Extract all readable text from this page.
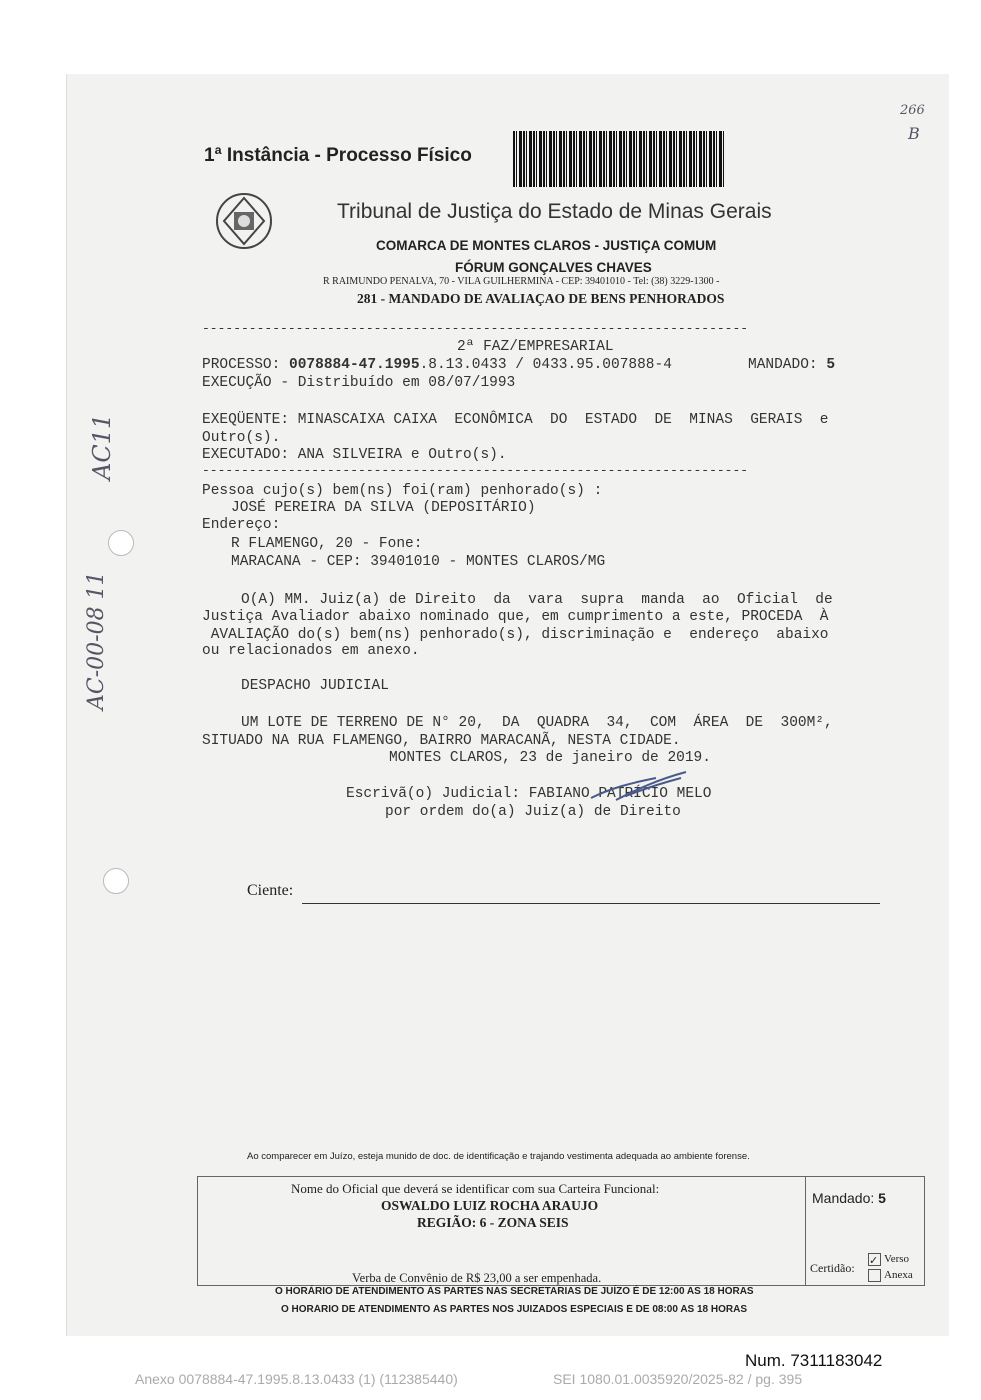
1ª Instância - Processo Físico
Tribunal de Justiça do Estado de Minas Gerais
COMARCA DE MONTES CLAROS - JUSTIÇA COMUM
FÓRUM GONÇALVES CHAVES
R RAIMUNDO PENALVA, 70 - VILA GUILHERMINA - CEP: 39401010 - Tel: (38) 3229-1300 -
281 - MANDADO DE AVALIAÇAO DE BENS PENHORADOS
----------------------------------------------------------------------
2ª FAZ/EMPRESARIAL
PROCESSO: 0078884-47.1995.8.13.0433 / 0433.95.007888-4	MANDADO: 5
EXECUÇÃO - Distribuído em 08/07/1993
EXEQÜENTE: MINASCAIXA CAIXA  ECONÔMICA  DO  ESTADO  DE  MINAS  GERAIS  e
Outro(s).
EXECUTADO: ANA SILVEIRA e Outro(s).
----------------------------------------------------------------------
Pessoa cujo(s) bem(ns) foi(ram) penhorado(s) :
JOSÉ PEREIRA DA SILVA (DEPOSITÁRIO)
Endereço:
R FLAMENGO, 20 - Fone:
MARACANA - CEP: 39401010 - MONTES CLAROS/MG
O(A) MM. Juiz(a) de Direito  da  vara  supra  manda  ao  Oficial  de
Justiça Avaliador abaixo nominado que, em cumprimento a este, PROCEDA  À
AVALIAÇÃO do(s) bem(ns) penhorado(s), discriminação e  endereço  abaixo
ou relacionados em anexo.
DESPACHO JUDICIAL
UM LOTE DE TERRENO DE N° 20,  DA  QUADRA  34,  COM  ÁREA  DE  300M²,
SITUADO NA RUA FLAMENGO, BAIRRO MARACANÃ, NESTA CIDADE.
MONTES CLAROS, 23 de janeiro de 2019.
Escrivã(o) Judicial: FABIANO PATRÍCIO MELO
por ordem do(a) Juiz(a) de Direito
Ciente:
Ao comparecer em Juízo, esteja munido de doc. de identificação e trajando vestimenta adequada ao ambiente forense.
Nome do Oficial que deverá se identificar com sua Carteira Funcional:
OSWALDO LUIZ ROCHA ARAUJO
REGIÃO: 6 - ZONA SEIS
Verba de Convênio de R$ 23,00 a ser empenhada.
Mandado: 5
Certidão: ✓ Verso
Anexa
O HORÁRIO DE ATENDIMENTO ÀS PARTES NAS SECRETARIAS DE JUÍZO É DE 12:00 AS 18 HORAS
O HORÁRIO DE ATENDIMENTO ÀS PARTES NOS JUIZADOS ESPECIAIS É DE 08:00 AS 18 HORAS
266
B
AC11
AC-00-08 11
Num. 7311183042
Anexo 0078884-47.1995.8.13.0433 (1) (112385440)	SEI 1080.01.0035920/2025-82 / pg. 395
